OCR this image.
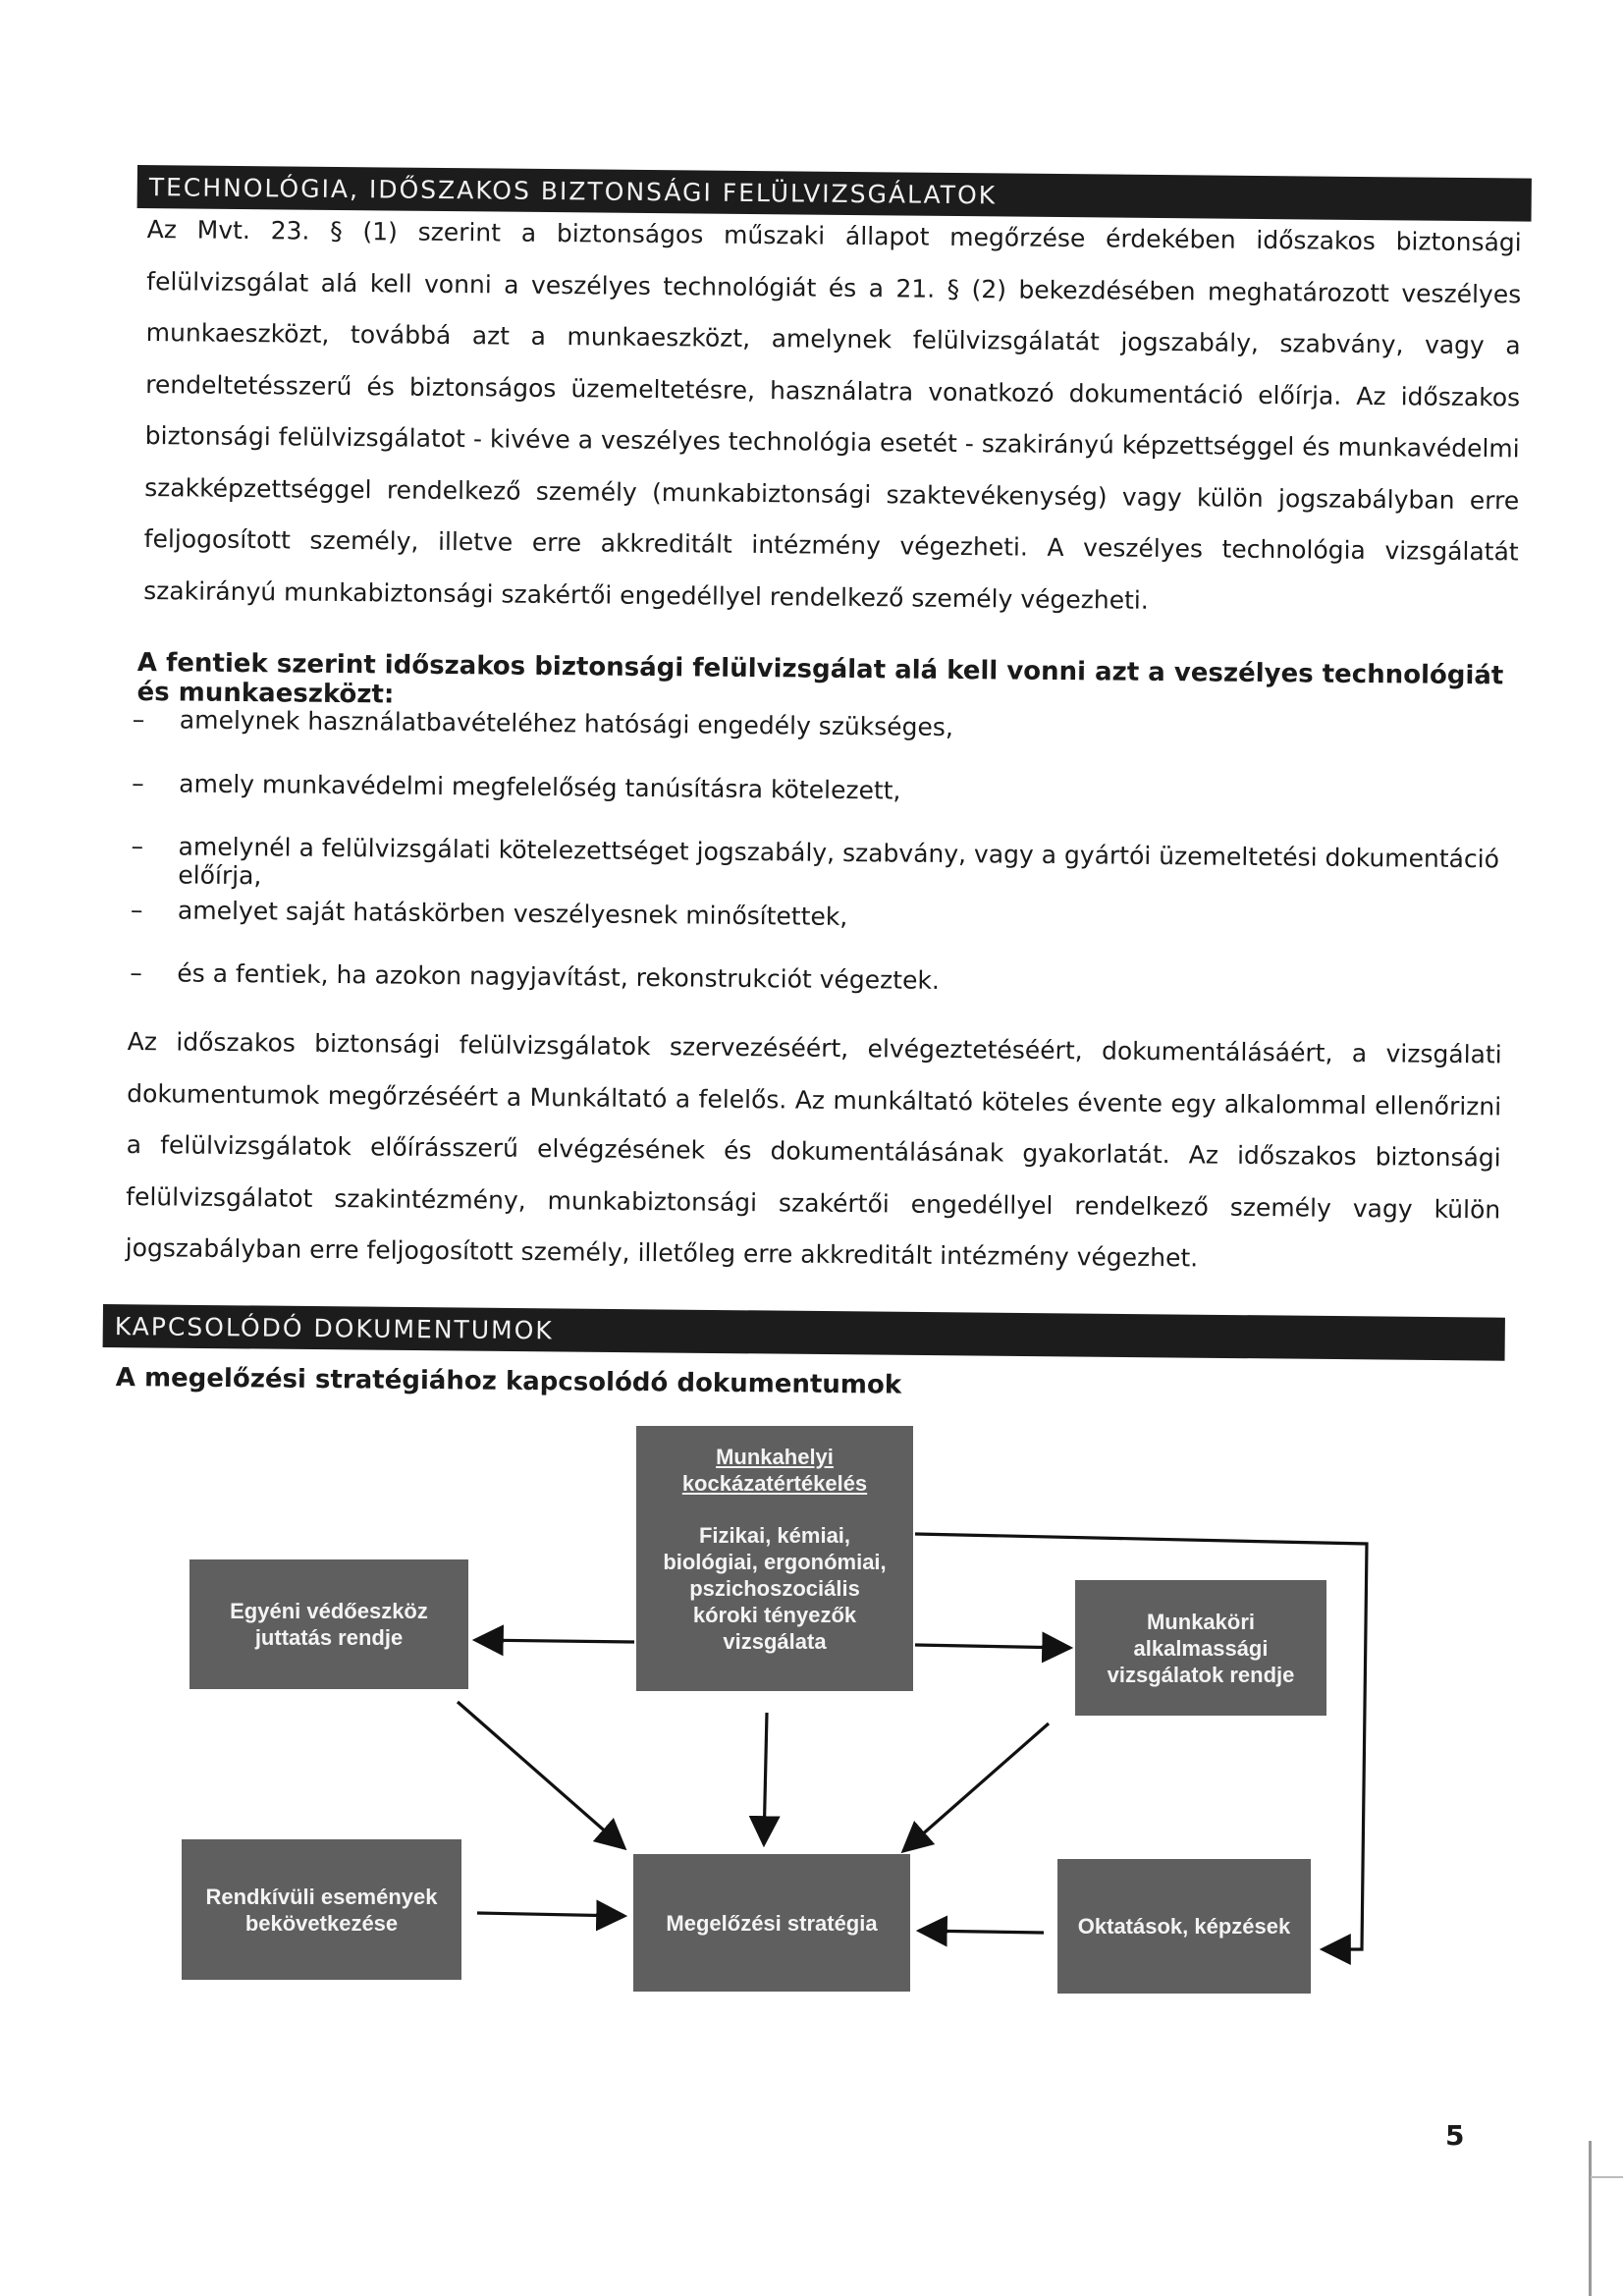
TECHNOLÓGIA, IDŐSZAKOS BIZTONSÁGI FELÜLVIZSGÁLATOK
Az Mvt. 23. § (1) szerint a biztonságos műszaki állapot megőrzése érdekében időszakos biztonsági felülvizsgálat alá kell vonni a veszélyes technológiát és a 21. § (2) bekezdésében meghatározott veszélyes munkaeszközt, továbbá azt a munkaeszközt, amelynek felülvizsgálatát jogszabály, szabvány, vagy a rendeltetésszerű és biztonságos üzemeltetésre, használatra vonatkozó dokumentáció előírja. Az időszakos biztonsági felülvizsgálatot - kivéve a veszélyes technológia esetét - szakirányú képzettséggel és munkavédelmi szakképzettséggel rendelkező személy (munkabiztonsági szaktevékenység) vagy külön jogszabályban erre feljogosított személy, illetve erre akkreditált intézmény végezheti. A veszélyes technológia vizsgálatát szakirányú munkabiztonsági szakértői engedéllyel rendelkező személy végezheti.
A fentiek szerint időszakos biztonsági felülvizsgálat alá kell vonni azt a veszélyes technológiát és munkaeszközt:
–	amelynek használatbavételéhez hatósági engedély szükséges,
–	amely munkavédelmi megfelelőség tanúsításra kötelezett,
–	amelynél a felülvizsgálati kötelezettséget jogszabály, szabvány, vagy a gyártói üzemeltetési dokumentáció előírja,
–	amelyet saját hatáskörben veszélyesnek minősítettek,
–	és a fentiek, ha azokon nagyjavítást, rekonstrukciót végeztek.
Az időszakos biztonsági felülvizsgálatok szervezéséért, elvégeztetéséért, dokumentálásáért, a vizsgálati dokumentumok megőrzéséért a Munkáltató a felelős. Az munkáltató köteles évente egy alkalommal ellenőrizni a felülvizsgálatok előírásszerű elvégzésének és dokumentálásának gyakorlatát. Az időszakos biztonsági felülvizsgálatot szakintézmény, munkabiztonsági szakértői engedéllyel rendelkező személy vagy külön jogszabályban erre feljogosított személy, illetőleg erre akkreditált intézmény végezhet.
KAPCSOLÓDÓ DOKUMENTUMOK
A megelőzési stratégiához kapcsolódó dokumentumok
Munkahelyi
kockázatértékelés
Fizikai, kémiai,
biológiai, ergonómiai,
pszichoszociális
kóroki tényezők
vizsgálata
Egyéni védőeszköz
juttatás rendje
Munkaköri
alkalmassági
vizsgálatok rendje
Rendkívüli események
bekövetkezése	Megelőzési stratégia	Oktatások, képzések
5
